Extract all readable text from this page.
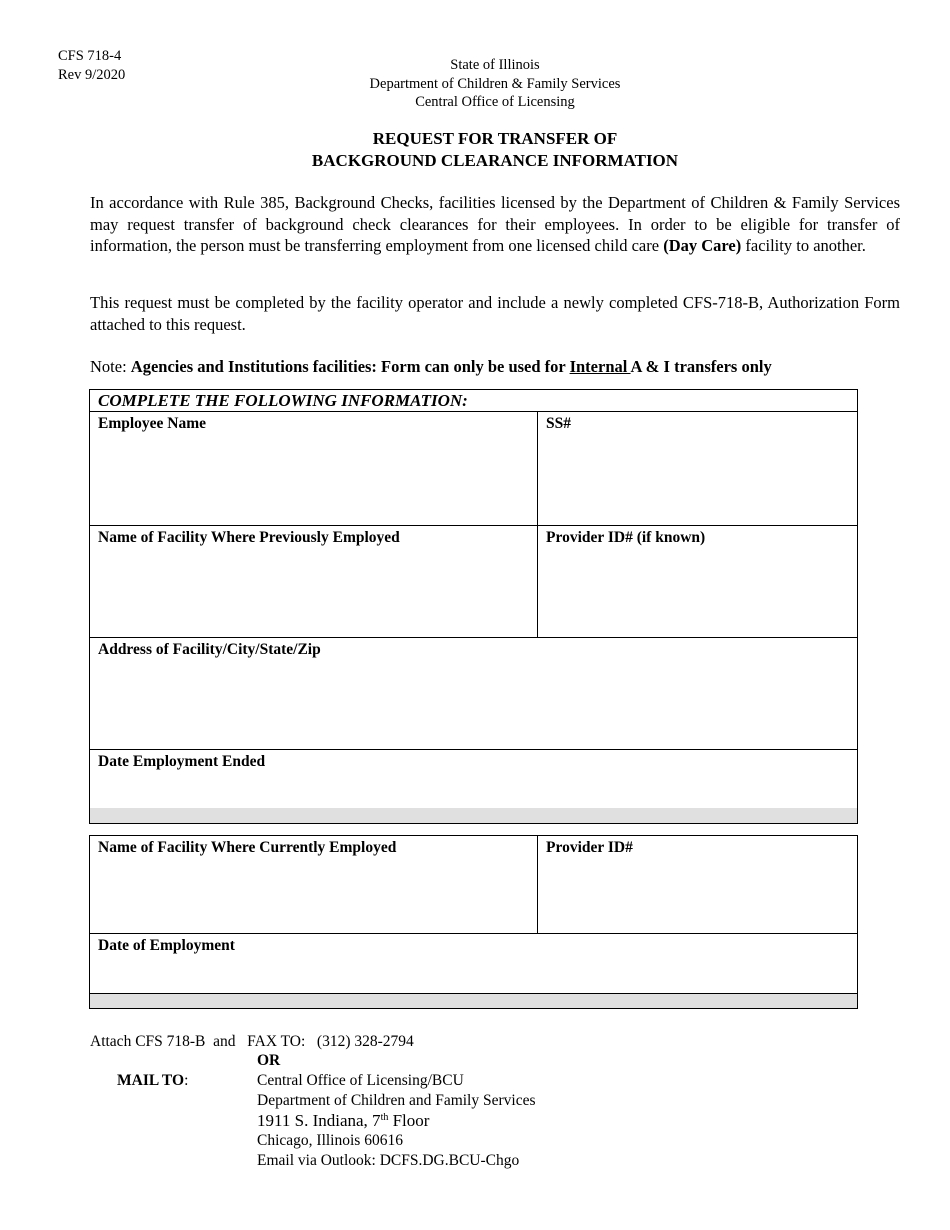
CFS 718-4
Rev 9/2020
State of Illinois
Department of Children & Family Services
Central Office of Licensing
REQUEST FOR TRANSFER OF
BACKGROUND CLEARANCE INFORMATION
In accordance with Rule 385, Background Checks, facilities licensed by the Department of Children & Family Services may request transfer of background check clearances for their employees. In order to be eligible for transfer of information, the person must be transferring employment from one licensed child care (Day Care) facility to another.
This request must be completed by the facility operator and include a newly completed CFS-718-B, Authorization Form attached to this request.
Note: Agencies and Institutions facilities: Form can only be used for Internal A & I transfers only
COMPLETE THE FOLLOWING INFORMATION:
Employee Name	SS#
Name of Facility Where Previously Employed	Provider ID# (if known)
Address of Facility/City/State/Zip
Date Employment Ended
Name of Facility Where Currently Employed	Provider ID#
Date of Employment
Attach CFS 718-B  and   FAX TO:   (312) 328-2794
OR
MAIL TO:	Central Office of Licensing/BCU
Department of Children and Family Services
1911 S. Indiana, 7th Floor
Chicago, Illinois 60616
Email via Outlook: DCFS.DG.BCU-Chgo
